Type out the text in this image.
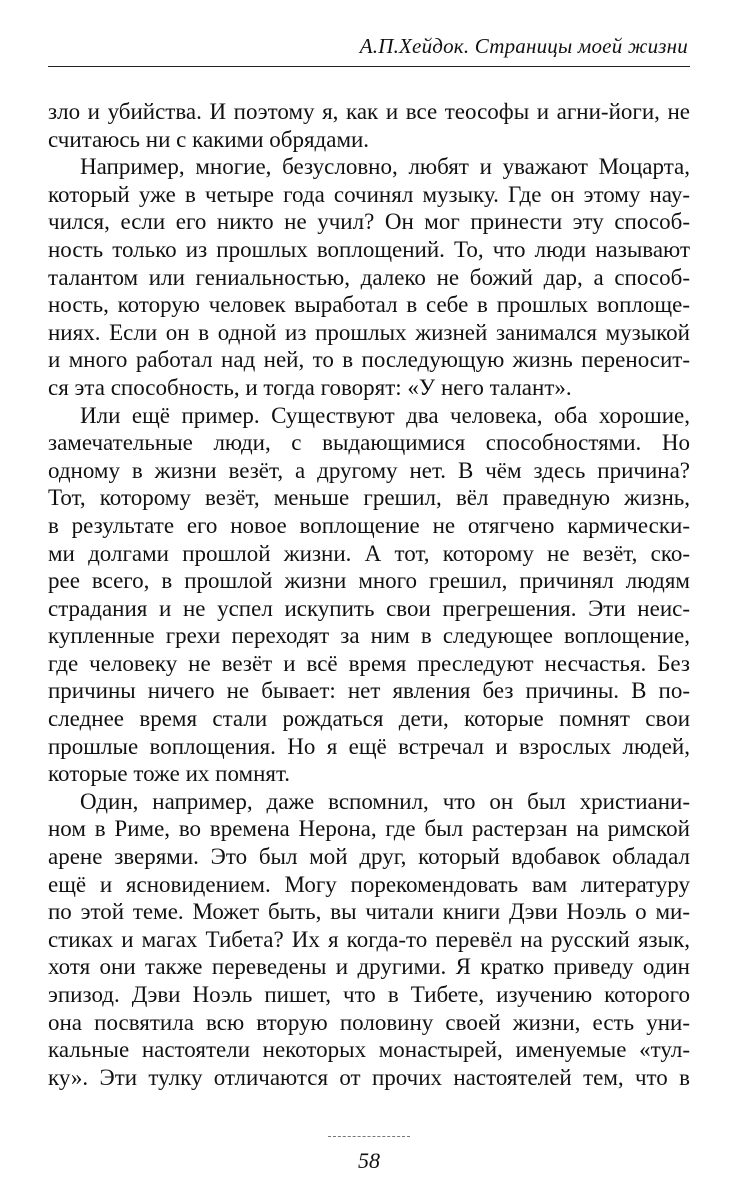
А.П.Хейдок. Страницы моей жизни
зло и убийства. И поэтому я, как и все теософы и агни-йоги, не
считаюсь ни с какими обрядами.
Например, многие, безусловно, любят и уважают Моцарта,
который уже в четыре года сочинял музыку. Где он этому нау-
чился, если его никто не учил? Он мог принести эту способ-
ность только из прошлых воплощений. То, что люди называют
талантом или гениальностью, далеко не божий дар, а способ-
ность, которую человек выработал в себе в прошлых воплоще-
ниях. Если он в одной из прошлых жизней занимался музыкой
и много работал над ней, то в последующую жизнь переносит-
ся эта способность, и тогда говорят: «У него талант».
Или ещё пример. Существуют два человека, оба хорошие,
замечательные люди, с выдающимися способностями. Но
одному в жизни везёт, а другому нет. В чём здесь причина?
Тот, которому везёт, меньше грешил, вёл праведную жизнь,
в результате его новое воплощение не отягчено кармически-
ми долгами прошлой жизни. А тот, которому не везёт, ско-
рее всего, в прошлой жизни много грешил, причинял людям
страдания и не успел искупить свои прегрешения. Эти неис-
купленные грехи переходят за ним в следующее воплощение,
где человеку не везёт и всё время преследуют несчастья. Без
причины ничего не бывает: нет явления без причины. В по-
следнее время стали рождаться дети, которые помнят свои
прошлые воплощения. Но я ещё встречал и взрослых людей,
которые тоже их помнят.
Один, например, даже вспомнил, что он был христиани-
ном в Риме, во времена Нерона, где был растерзан на римской
арене зверями. Это был мой друг, который вдобавок обладал
ещё и ясновидением. Могу порекомендовать вам литературу
по этой теме. Может быть, вы читали книги Дэви Ноэль о ми-
стиках и магах Тибета? Их я когда-то перевёл на русский язык,
хотя они также переведены и другими. Я кратко приведу один
эпизод. Дэви Ноэль пишет, что в Тибете, изучению которого
она посвятила всю вторую половину своей жизни, есть уни-
кальные настоятели некоторых монастырей, именуемые «тул-
ку». Эти тулку отличаются от прочих настоятелей тем, что в
58
